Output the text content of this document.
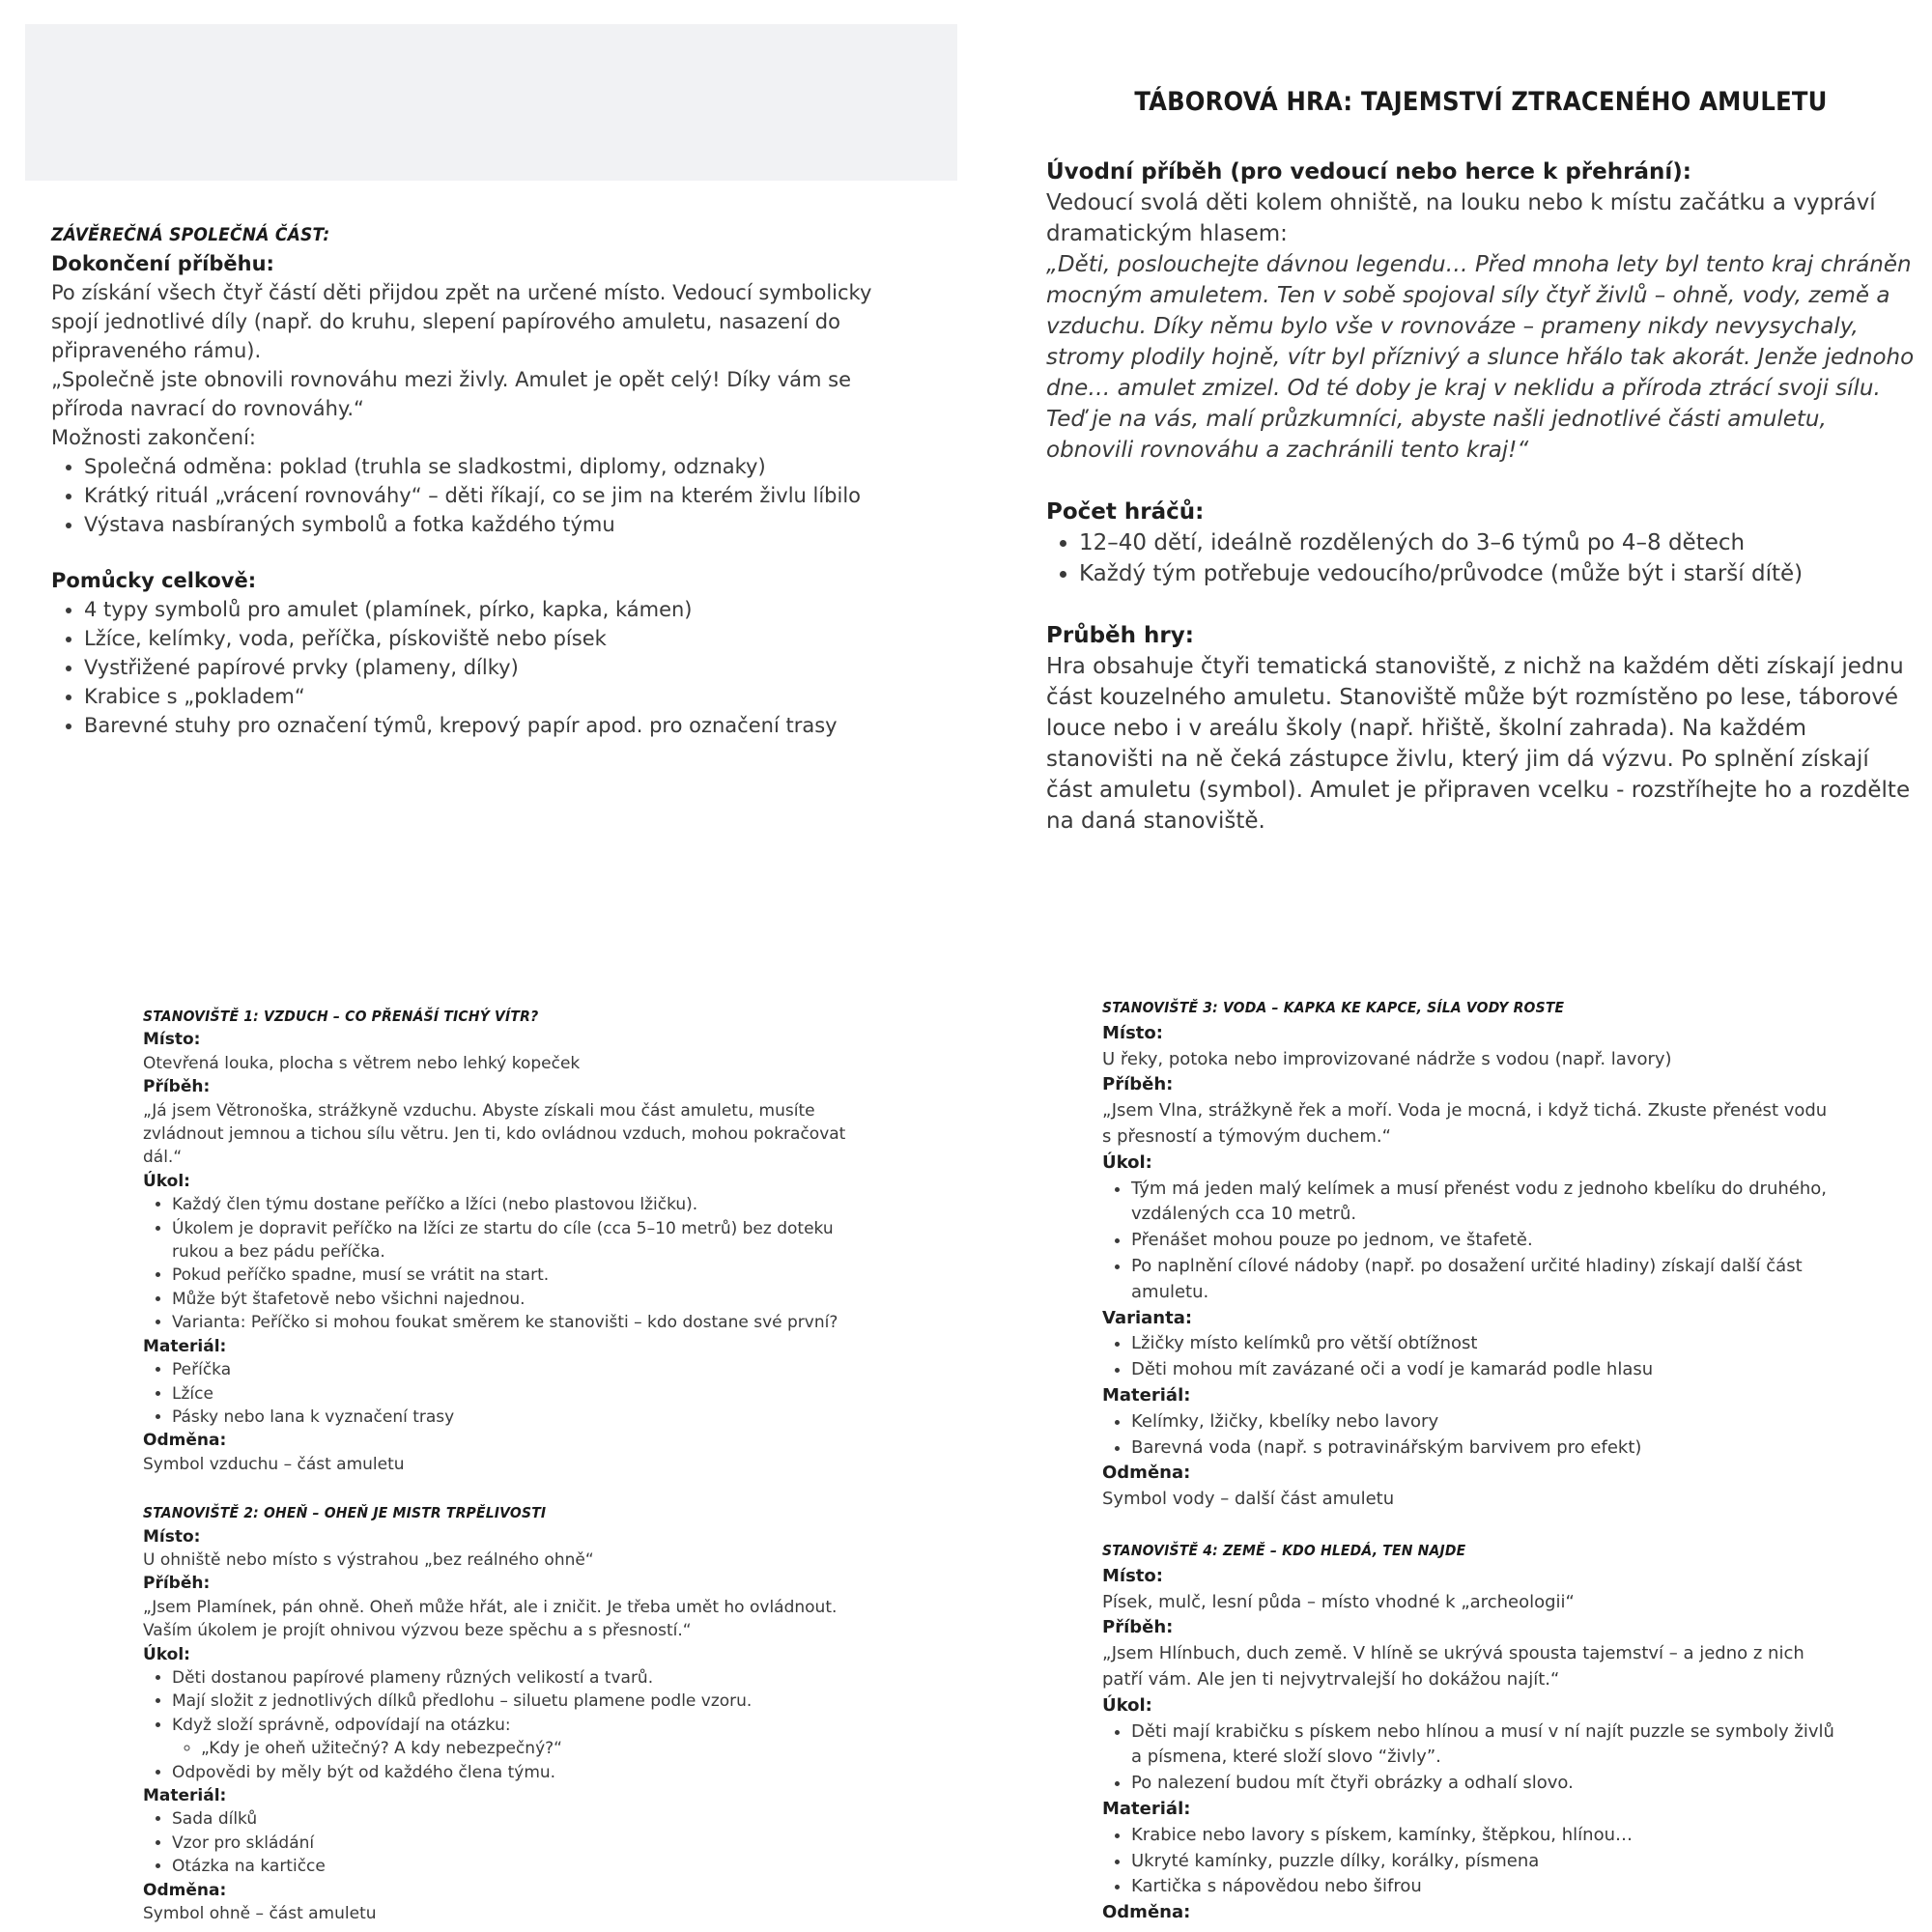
ZÁVĚREČNÁ SPOLEČNÁ ČÁST:
Dokončení příběhu:

Po získání všech čtyř částí děti přijdou zpět na určené místo. Vedoucí symbolicky spojí jednotlivé díly (např. do kruhu, slepení papírového amuletu, nasazení do připraveného rámu).

„Společně jste obnovili rovnováhu mezi živly. Amulet je opět celý! Díky vám se příroda navrací do rovnováhy.“

Možnosti zakončení:

• Společná odměna: poklad (truhla se sladkostmi, diplomy, odznaky)
• Krátký rituál „vrácení rovnováhy“ – děti říkají, co se jim na kterém živlu líbilo
• Výstava nasbíraných symbolů a fotka každého týmu
Pomůcky celkově:
• 4 typy symbolů pro amulet (plamínek, pírko, kapka, kámen)
• Lžíce, kelímky, voda, peříčka, pískoviště nebo písek
• Vystřižené papírové prvky (plameny, dílky)
• Krabice s „pokladem“
• Barevné stuhy pro označení týmů, krepový papír apod. pro označení trasy
TÁBOROVÁ HRA: TAJEMSTVÍ ZTRACENÉHO AMULETU
Úvodní příběh (pro vedoucí nebo herce k přehrání):

Vedoucí svolá děti kolem ohniště, na louku nebo k místu začátku a vypráví dramatickým hlasem:

„Děti, poslouchejte dávnou legendu… Před mnoha lety byl tento kraj chráněn mocným amuletem. Ten v sobě spojoval síly čtyř živlů – ohně, vody, země a vzduchu. Díky němu bylo vše v rovnováze – prameny nikdy nevysychaly, stromy plodily hojně, vítr byl příznivý a slunce hřálo tak akorát. Jenže jednoho dne… amulet zmizel. Od té doby je kraj v neklidu a příroda ztrácí svoji sílu. Teď je na vás, malí průzkumníci, abyste našli jednotlivé části amuletu, obnovili rovnováhu a zachránili tento kraj!“

Počet hráčů:
• 12–40 dětí, ideálně rozdělených do 3–6 týmů po 4–8 dětech
• Každý tým potřebuje vedoucího/průvodce (může být i starší dítě)
Průběh hry:

Hra obsahuje čtyři tematická stanoviště, z nichž na každém děti získají jednu část kouzelného amuletu. Stanoviště může být rozmístěno po lese, táborové louce nebo i v areálu školy (např. hřiště, školní zahrada). Na každém stanovišti na ně čeká zástupce živlu, který jim dá výzvu. Po splnění získají část amuletu (symbol). Amulet je připraven vcelku - rozstříhejte ho a rozdělte na daná stanoviště.

STANOVIŠTĚ 1: VZDUCH – CO PŘENÁŠÍ TICHÝ VÍTR?
Místo:

Otevřená louka, plocha s větrem nebo lehký kopeček

Příběh:

„Já jsem Větronoška, strážkyně vzduchu. Abyste získali mou část amuletu, musíte zvládnout jemnou a tichou sílu větru. Jen ti, kdo ovládnou vzduch, mohou pokračovat dál.“

Úkol:
• Každý člen týmu dostane peříčko a lžíci (nebo plastovou lžičku).
• Úkolem je dopravit peříčko na lžíci ze startu do cíle (cca 5–10 metrů) bez doteku rukou a bez pádu peříčka.
• Pokud peříčko spadne, musí se vrátit na start.
• Může být štafetově nebo všichni najednou.
• Varianta: Peříčko si mohou foukat směrem ke stanovišti – kdo dostane své první?
Materiál:
• Peříčka
• Lžíce
• Pásky nebo lana k vyznačení trasy
Odměna:

Symbol vzduchu – část amuletu

STANOVIŠTĚ 2: OHEŇ – OHEŇ JE MISTR TRPĚLIVOSTI
Místo:

U ohniště nebo místo s výstrahou „bez reálného ohně“

Příběh:

„Jsem Plamínek, pán ohně. Oheň může hřát, ale i zničit. Je třeba umět ho ovládnout. Vaším úkolem je projít ohnivou výzvou beze spěchu a s přesností.“

Úkol:
• Děti dostanou papírové plameny různých velikostí a tvarů.
• Mají složit z jednotlivých dílků předlohu – siluetu plamene podle vzoru.
• Když složí správně, odpovídají na otázku:
◦ „Kdy je oheň užitečný? A kdy nebezpečný?“
• Odpovědi by měly být od každého člena týmu.
Materiál:
• Sada dílků
• Vzor pro skládání
• Otázka na kartičce
Odměna:

Symbol ohně – část amuletu

STANOVIŠTĚ 3: VODA – KAPKA KE KAPCE, SÍLA VODY ROSTE
Místo:

U řeky, potoka nebo improvizované nádrže s vodou (např. lavory)

Příběh:

„Jsem Vlna, strážkyně řek a moří. Voda je mocná, i když tichá. Zkuste přenést vodu s přesností a týmovým duchem.“

Úkol:
• Tým má jeden malý kelímek a musí přenést vodu z jednoho kbelíku do druhého, vzdálených cca 10 metrů.
• Přenášet mohou pouze po jednom, ve štafetě.
• Po naplnění cílové nádoby (např. po dosažení určité hladiny) získají další část amuletu.
Varianta:
• Lžičky místo kelímků pro větší obtížnost
• Děti mohou mít zavázané oči a vodí je kamarád podle hlasu
Materiál:
• Kelímky, lžičky, kbelíky nebo lavory
• Barevná voda (např. s potravinářským barvivem pro efekt)
Odměna:

Symbol vody – další část amuletu

STANOVIŠTĚ 4: ZEMĚ – KDO HLEDÁ, TEN NAJDE
Místo:

Písek, mulč, lesní půda – místo vhodné k „archeologii“

Příběh:

„Jsem Hlínbuch, duch země. V hlíně se ukrývá spousta tajemství – a jedno z nich patří vám. Ale jen ti nejvytrvalejší ho dokážou najít.“

Úkol:
• Děti mají krabičku s pískem nebo hlínou a musí v ní najít puzzle se symboly živlů a písmena, které složí slovo “živly”.
• Po nalezení budou mít čtyři obrázky a odhalí slovo.
Materiál:
• Krabice nebo lavory s pískem, kamínky, štěpkou, hlínou…
• Ukryté kamínky, puzzle dílky, korálky, písmena
• Kartička s nápovědou nebo šifrou
Odměna:
